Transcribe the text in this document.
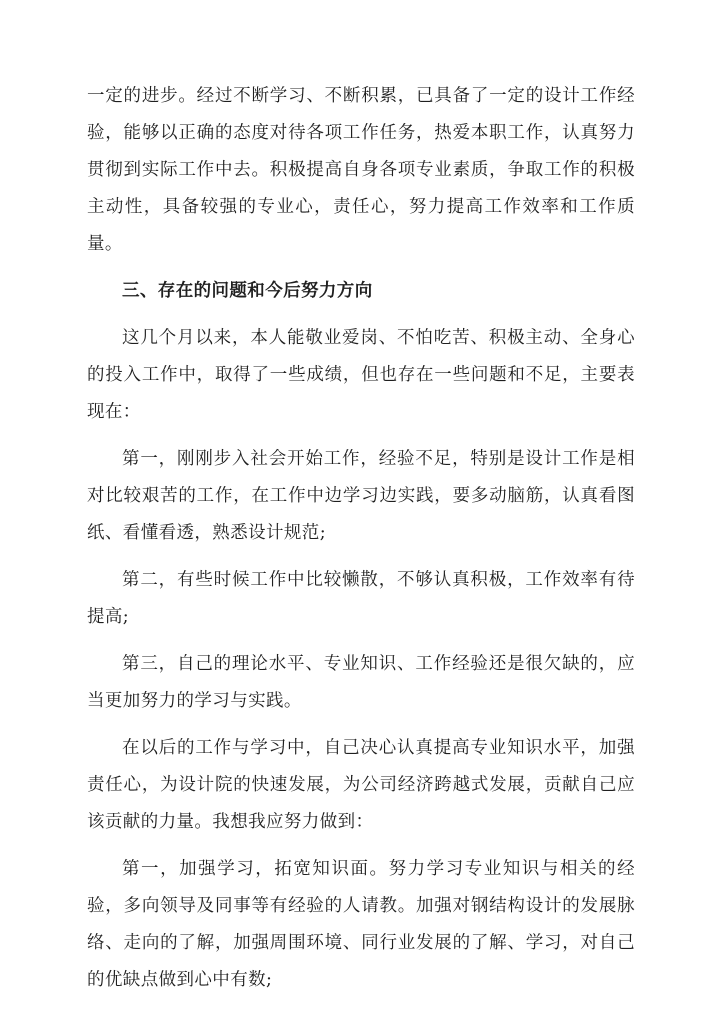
一定的进步。经过不断学习、不断积累，已具备了一定的设计工作经验，能够以正确的态度对待各项工作任务，热爱本职工作，认真努力贯彻到实际工作中去。积极提高自身各项专业素质，争取工作的积极主动性，具备较强的专业心，责任心，努力提高工作效率和工作质量。

三、存在的问题和今后努力方向

这几个月以来，本人能敬业爱岗、不怕吃苦、积极主动、全身心的投入工作中，取得了一些成绩，但也存在一些问题和不足，主要表现在：

第一，刚刚步入社会开始工作，经验不足，特别是设计工作是相对比较艰苦的工作，在工作中边学习边实践，要多动脑筋，认真看图纸、看懂看透，熟悉设计规范;

第二，有些时候工作中比较懒散，不够认真积极，工作效率有待提高;

第三，自己的理论水平、专业知识、工作经验还是很欠缺的，应当更加努力的学习与实践。

在以后的工作与学习中，自己决心认真提高专业知识水平，加强责任心，为设计院的快速发展，为公司经济跨越式发展，贡献自己应该贡献的力量。我想我应努力做到：

第一，加强学习，拓宽知识面。努力学习专业知识与相关的经验，多向领导及同事等有经验的人请教。加强对钢结构设计的发展脉络、走向的了解，加强周围环境、同行业发展的了解、学习，对自己的优缺点做到心中有数;
